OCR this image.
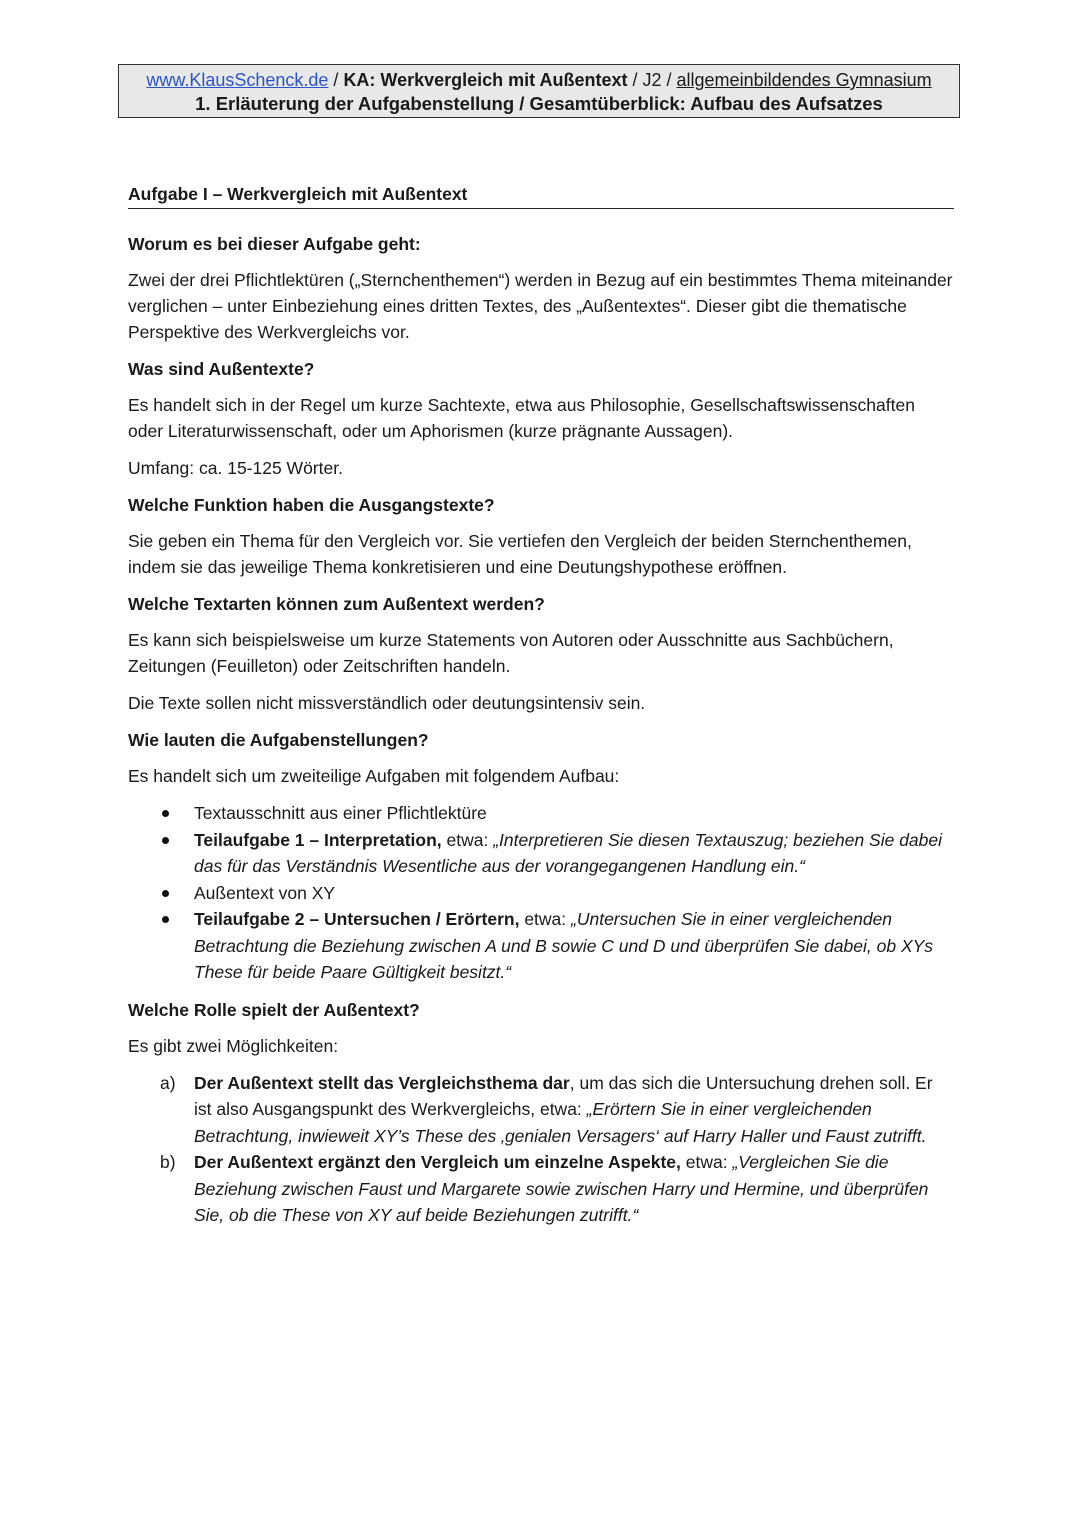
www.KlausSchenck.de / KA: Werkvergleich mit Außentext / J2 / allgemeinbildendes Gymnasium
1. Erläuterung der Aufgabenstellung / Gesamtüberblick: Aufbau des Aufsatzes
Aufgabe I – Werkvergleich mit Außentext
Worum es bei dieser Aufgabe geht:
Zwei der drei Pflichtlektüren („Sternchenthemen“) werden in Bezug auf ein bestimmtes Thema miteinander verglichen – unter Einbeziehung eines dritten Textes, des „Außentextes“. Dieser gibt die thematische Perspektive des Werkvergleichs vor.
Was sind Außentexte?
Es handelt sich in der Regel um kurze Sachtexte, etwa aus Philosophie, Gesellschaftswissenschaften oder Literaturwissenschaft, oder um Aphorismen (kurze prägnante Aussagen).
Umfang: ca. 15-125 Wörter.
Welche Funktion haben die Ausgangstexte?
Sie geben ein Thema für den Vergleich vor. Sie vertiefen den Vergleich der beiden Sternchenthemen, indem sie das jeweilige Thema konkretisieren und eine Deutungshypothese eröffnen.
Welche Textarten können zum Außentext werden?
Es kann sich beispielsweise um kurze Statements von Autoren oder Ausschnitte aus Sachbüchern, Zeitungen (Feuilleton) oder Zeitschriften handeln.
Die Texte sollen nicht missverständlich oder deutungsintensiv sein.
Wie lauten die Aufgabenstellungen?
Es handelt sich um zweiteilige Aufgaben mit folgendem Aufbau:
Textausschnitt aus einer Pflichtlektüre
Teilaufgabe 1 – Interpretation, etwa: „Interpretieren Sie diesen Textauszug; beziehen Sie dabei das für das Verständnis Wesentliche aus der vorangegangenen Handlung ein.“
Außentext von XY
Teilaufgabe 2 – Untersuchen / Erörtern, etwa: „Untersuchen Sie in einer vergleichenden Betrachtung die Beziehung zwischen A und B sowie C und D und überprüfen Sie dabei, ob XYs These für beide Paare Gültigkeit besitzt.“
Welche Rolle spielt der Außentext?
Es gibt zwei Möglichkeiten:
a) Der Außentext stellt das Vergleichsthema dar, um das sich die Untersuchung drehen soll. Er ist also Ausgangspunkt des Werkvergleichs, etwa: „Erörtern Sie in einer vergleichenden Betrachtung, inwieweit XY’s These des ‚genialen Versagers‘ auf Harry Haller und Faust zutrifft.
b) Der Außentext ergänzt den Vergleich um einzelne Aspekte, etwa: „Vergleichen Sie die Beziehung zwischen Faust und Margarete sowie zwischen Harry und Hermine, und überprüfen Sie, ob die These von XY auf beide Beziehungen zutrifft.“
